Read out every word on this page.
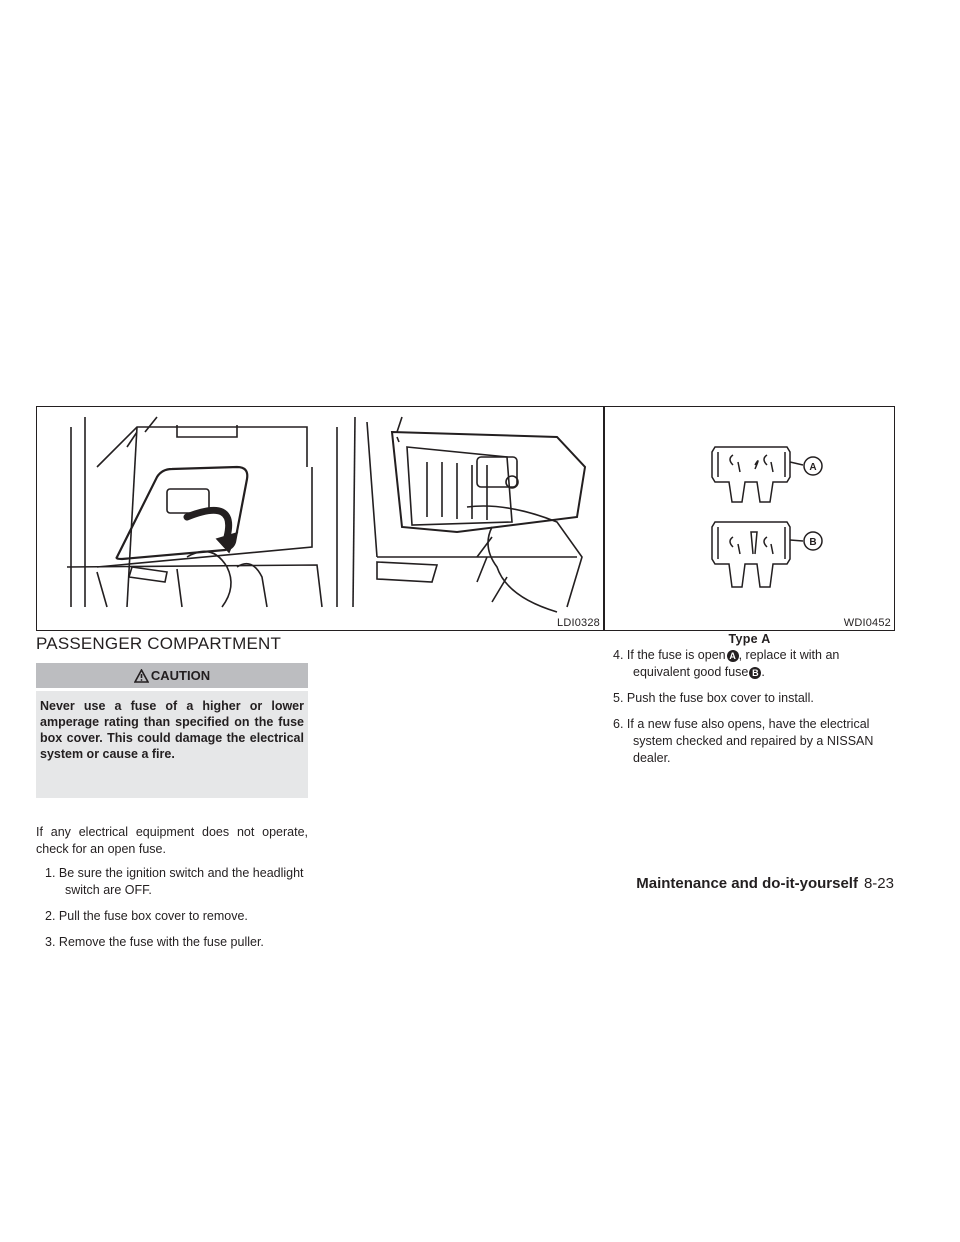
LDI0328
A
B
WDI0452
Type A
PASSENGER COMPARTMENT
CAUTION
Never use a fuse of a higher or lower amperage rating than specified on the fuse box cover. This could damage the electrical system or cause a fire.

If any electrical equipment does not operate, check for an open fuse.

1. Be sure the ignition switch and the headlight switch are OFF.
2. Pull the fuse box cover to remove.
3. Remove the fuse with the fuse puller.
4. If the fuse is open A , replace it with an equivalent good fuse B .
5. Push the fuse box cover to install.
6. If a new fuse also opens, have the electrical system checked and repaired by a NISSAN dealer.
Maintenance and do-it-yourself 8-23
